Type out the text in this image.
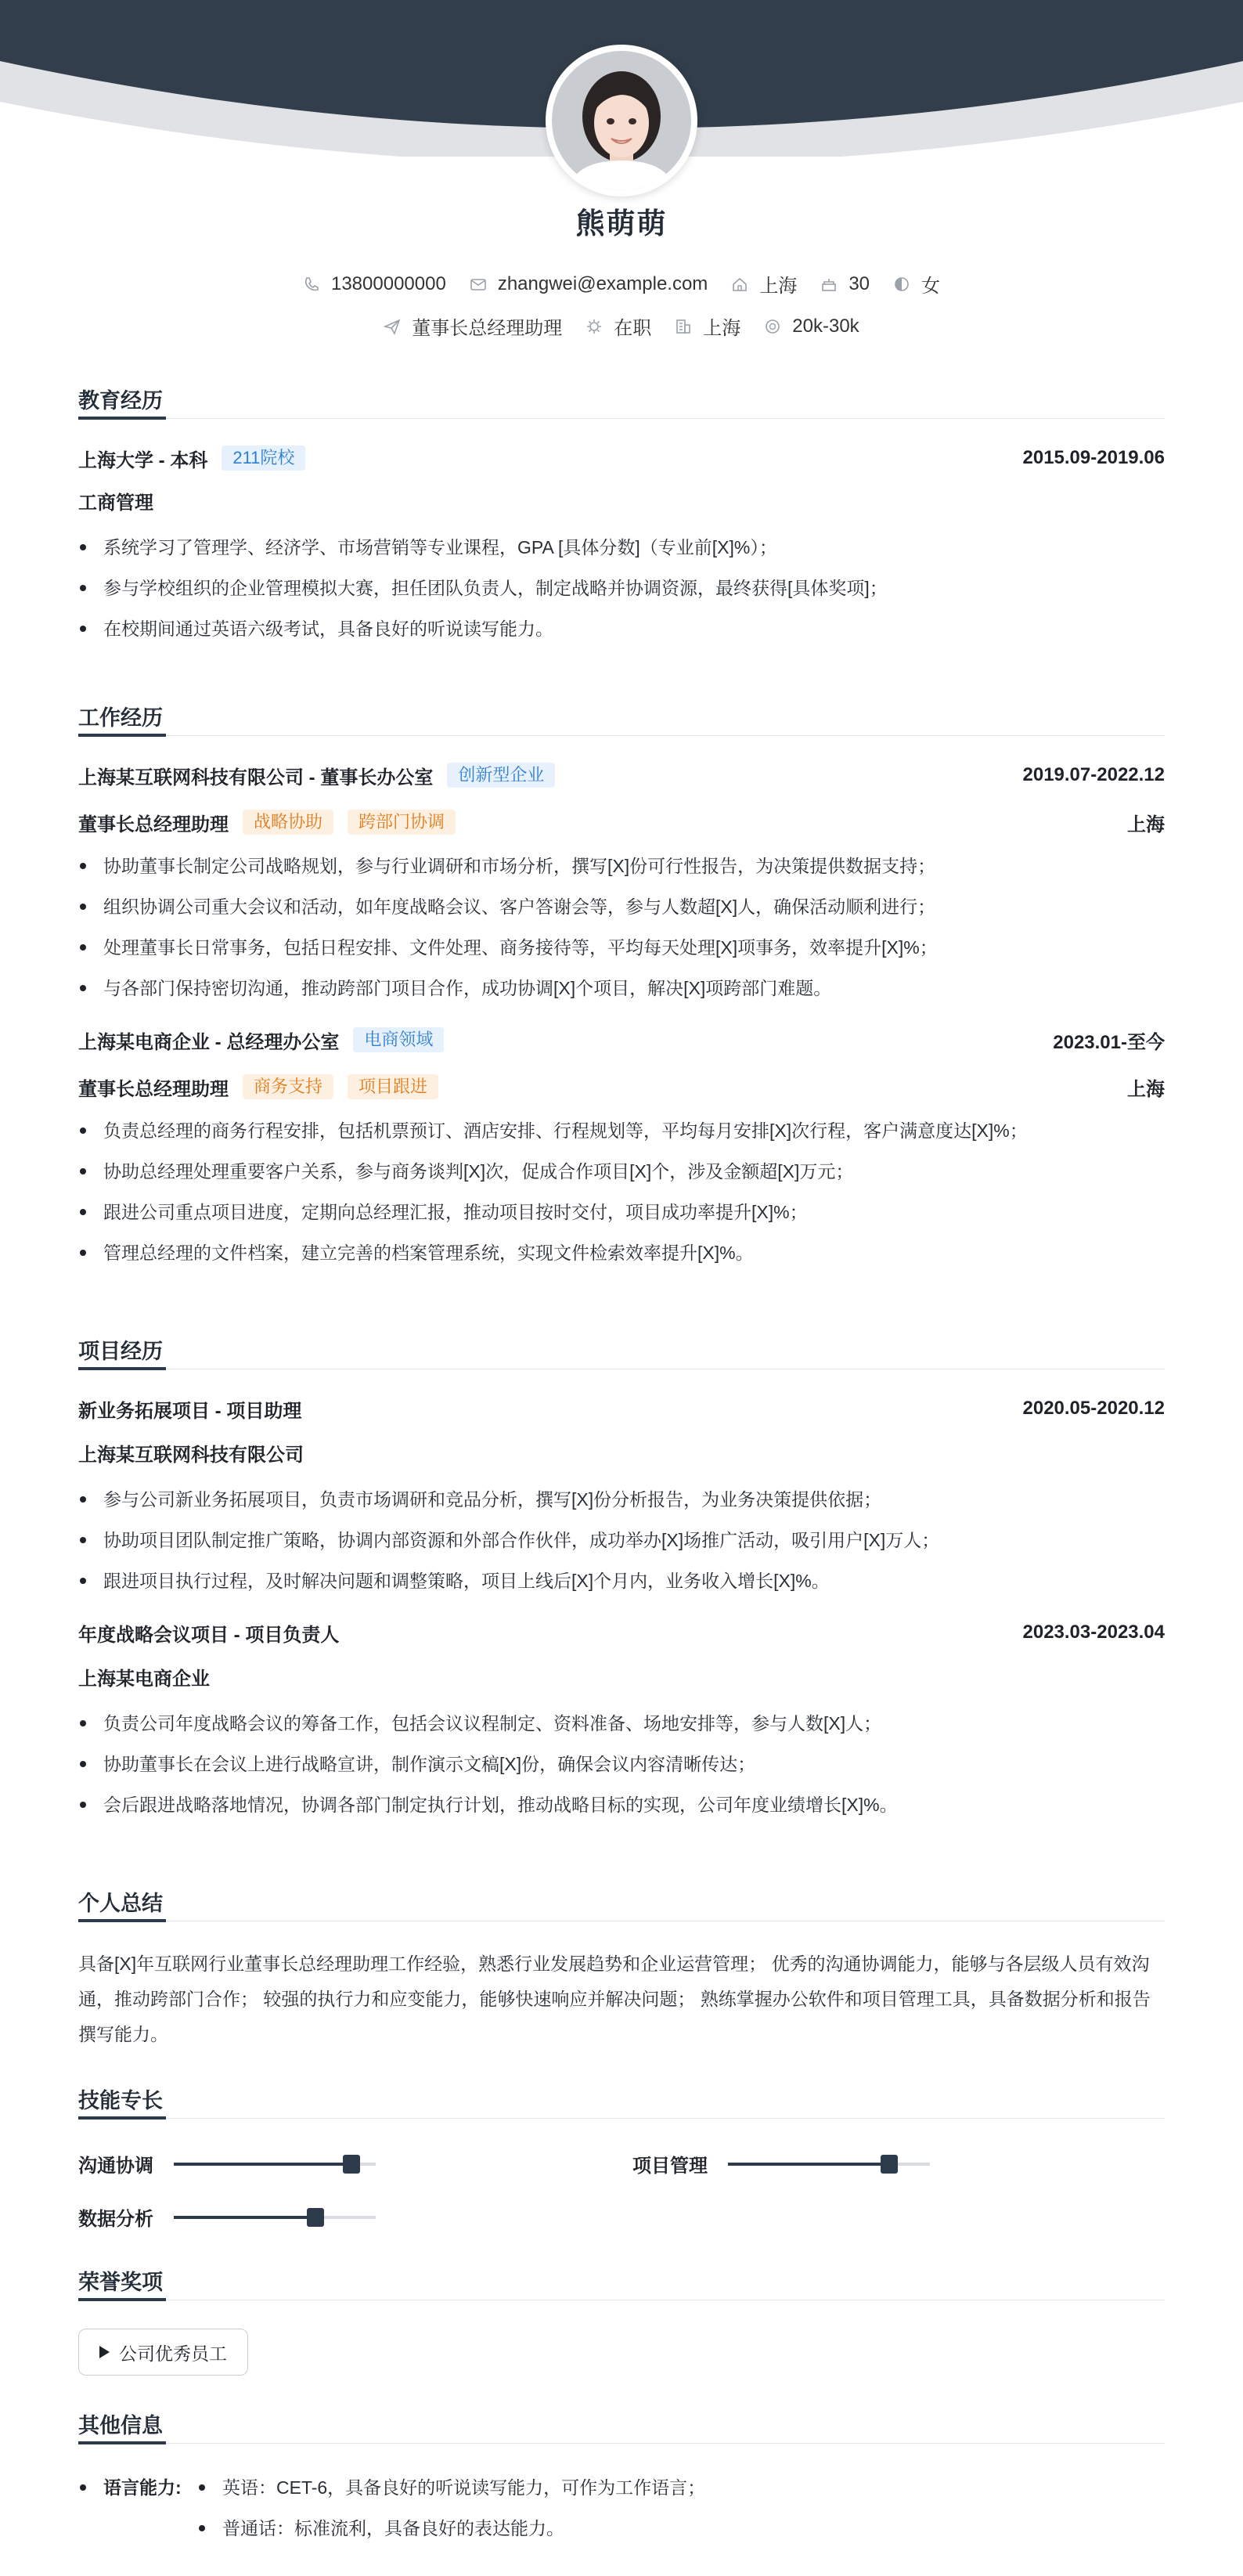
熊萌萌
13800000000	zhangwei@example.com	上海	30	女
董事长总经理助理	在职	上海	20k-30k
教育经历
上海大学 - 本科	211院校	2015.09-2019.06
工商管理
系统学习了管理学、经济学、市场营销等专业课程，GPA [具体分数]（专业前[X]%）；
参与学校组织的企业管理模拟大赛，担任团队负责人，制定战略并协调资源，最终获得[具体奖项]；
在校期间通过英语六级考试，具备良好的听说读写能力。
工作经历
上海某互联网科技有限公司 - 董事长办公室	创新型企业	2019.07-2022.12
董事长总经理助理	战略协助	跨部门协调	上海
协助董事长制定公司战略规划，参与行业调研和市场分析，撰写[X]份可行性报告，为决策提供数据支持；
组织协调公司重大会议和活动，如年度战略会议、客户答谢会等，参与人数超[X]人，确保活动顺利进行；
处理董事长日常事务，包括日程安排、文件处理、商务接待等，平均每天处理[X]项事务，效率提升[X]%；
与各部门保持密切沟通，推动跨部门项目合作，成功协调[X]个项目，解决[X]项跨部门难题。
上海某电商企业 - 总经理办公室	电商领域	2023.01-至今
董事长总经理助理	商务支持	项目跟进	上海
负责总经理的商务行程安排，包括机票预订、酒店安排、行程规划等，平均每月安排[X]次行程，客户满意度达[X]%；
协助总经理处理重要客户关系，参与商务谈判[X]次，促成合作项目[X]个，涉及金额超[X]万元；
跟进公司重点项目进度，定期向总经理汇报，推动项目按时交付，项目成功率提升[X]%；
管理总经理的文件档案，建立完善的档案管理系统，实现文件检索效率提升[X]%。
项目经历
新业务拓展项目 - 项目助理	2020.05-2020.12
上海某互联网科技有限公司
参与公司新业务拓展项目，负责市场调研和竞品分析，撰写[X]份分析报告，为业务决策提供依据；
协助项目团队制定推广策略，协调内部资源和外部合作伙伴，成功举办[X]场推广活动，吸引用户[X]万人；
跟进项目执行过程，及时解决问题和调整策略，项目上线后[X]个月内，业务收入增长[X]%。
年度战略会议项目 - 项目负责人	2023.03-2023.04
上海某电商企业
负责公司年度战略会议的筹备工作，包括会议议程制定、资料准备、场地安排等，参与人数[X]人；
协助董事长在会议上进行战略宣讲，制作演示文稿[X]份，确保会议内容清晰传达；
会后跟进战略落地情况，协调各部门制定执行计划，推动战略目标的实现，公司年度业绩增长[X]%。
个人总结
具备[X]年互联网行业董事长总经理助理工作经验，熟悉行业发展趋势和企业运营管理； 优秀的沟通协调能力，能够与各层级人员有效沟通，推动跨部门合作； 较强的执行力和应变能力，能够快速响应并解决问题； 熟练掌握办公软件和项目管理工具，具备数据分析和报告撰写能力。
技能专长
沟通协调	项目管理
数据分析
荣誉奖项
公司优秀员工
其他信息
语言能力:	英语：CET-6，具备良好的听说读写能力，可作为工作语言；
普通话：标准流利，具备良好的表达能力。
